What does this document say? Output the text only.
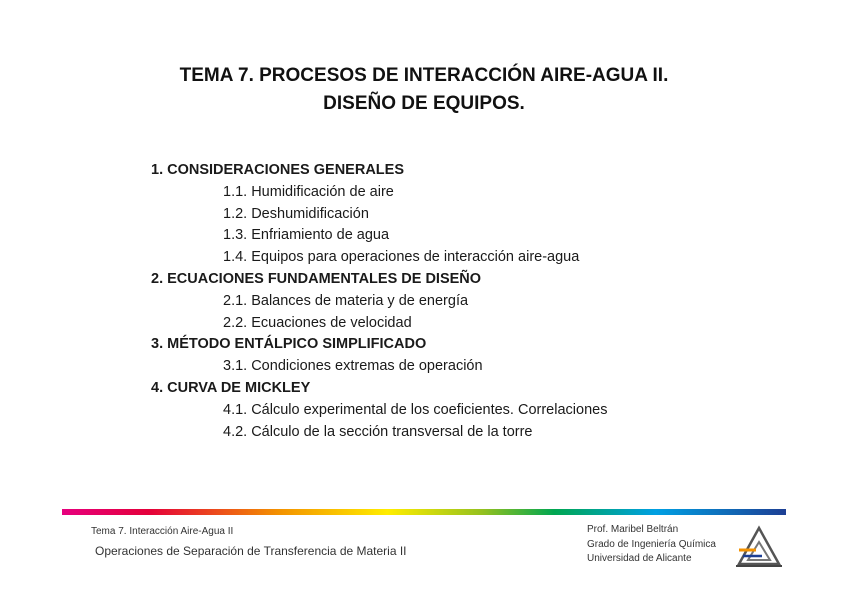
TEMA 7. PROCESOS DE INTERACCIÓN AIRE-AGUA II.
DISEÑO DE EQUIPOS.
1. CONSIDERACIONES GENERALES
1.1. Humidificación de aire
1.2. Deshumidificación
1.3. Enfriamiento de agua
1.4. Equipos para operaciones de interacción aire-agua
2. ECUACIONES FUNDAMENTALES DE DISEÑO
2.1. Balances de materia y de energía
2.2. Ecuaciones de velocidad
3. MÉTODO ENTÁLPICO SIMPLIFICADO
3.1. Condiciones extremas de operación
4. CURVA DE MICKLEY
4.1. Cálculo experimental de los coeficientes. Correlaciones
4.2. Cálculo de la sección transversal de la torre
Tema 7. Interacción Aire-Agua II
Operaciones de Separación de Transferencia de Materia II
Prof. Maribel Beltrán
Grado de Ingeniería Química
Universidad de Alicante
